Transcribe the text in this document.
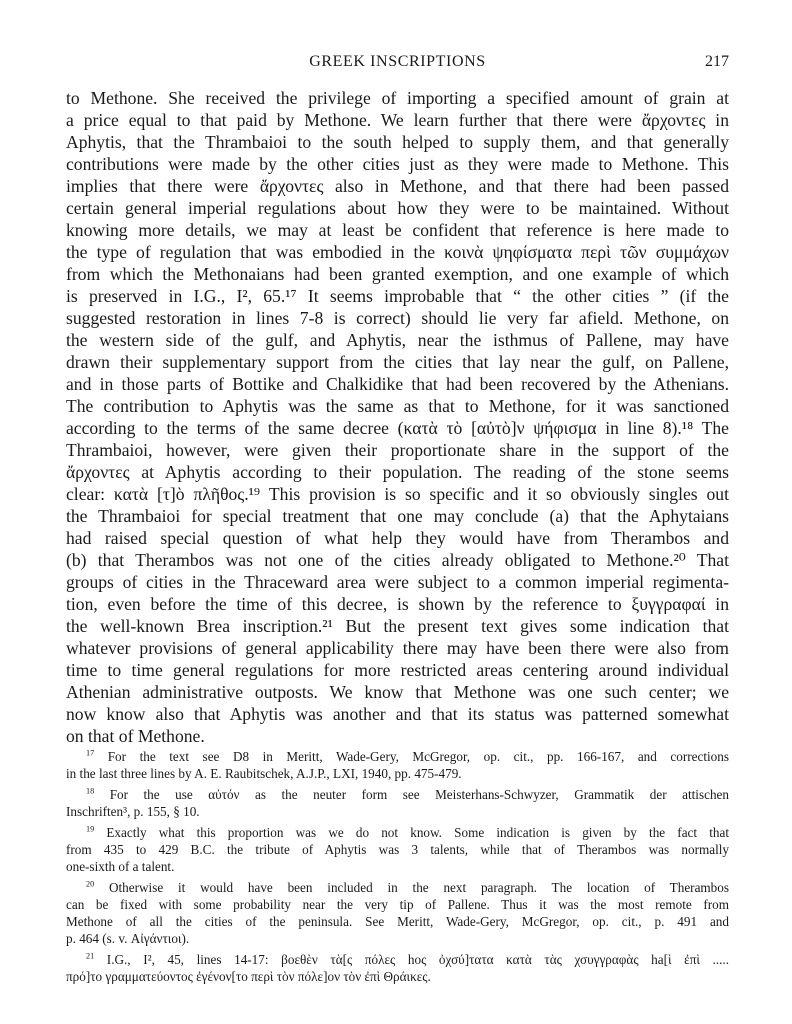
GREEK INSCRIPTIONS	217
to Methone. She received the privilege of importing a specified amount of grain at
a price equal to that paid by Methone. We learn further that there were ἄρχοντες in
Aphytis, that the Thrambaioi to the south helped to supply them, and that generally
contributions were made by the other cities just as they were made to Methone. This
implies that there were ἄρχοντες also in Methone, and that there had been passed
certain general imperial regulations about how they were to be maintained. Without
knowing more details, we may at least be confident that reference is here made to
the type of regulation that was embodied in the κοινὰ ψηφίσματα περὶ τῶν συμμάχων
from which the Methonaians had been granted exemption, and one example of which
is preserved in I.G., I², 65.¹⁷ It seems improbable that “ the other cities ” (if the
suggested restoration in lines 7-8 is correct) should lie very far afield. Methone, on
the western side of the gulf, and Aphytis, near the isthmus of Pallene, may have
drawn their supplementary support from the cities that lay near the gulf, on Pallene,
and in those parts of Bottike and Chalkidike that had been recovered by the Athenians.
The contribution to Aphytis was the same as that to Methone, for it was sanctioned
according to the terms of the same decree (κατὰ τὸ [αὐτὸ]ν ψήφισμα in line 8).¹⁸ The
Thrambaioi, however, were given their proportionate share in the support of the
ἄρχοντες at Aphytis according to their population. The reading of the stone seems
clear: κατὰ [τ]ὸ πλῆθος.¹⁹ This provision is so specific and it so obviously singles out
the Thrambaioi for special treatment that one may conclude (a) that the Aphytaians
had raised special question of what help they would have from Therambos and
(b) that Therambos was not one of the cities already obligated to Methone.²⁰ That
groups of cities in the Thraceward area were subject to a common imperial regimenta-
tion, even before the time of this decree, is shown by the reference to ξυγγραφαί in
the well-known Brea inscription.²¹ But the present text gives some indication that
whatever provisions of general applicability there may have been there were also from
time to time general regulations for more restricted areas centering around individual
Athenian administrative outposts. We know that Methone was one such center; we
now know also that Aphytis was another and that its status was patterned somewhat
on that of Methone.
$^{17}$ For the text see D8 in Meritt, Wade-Gery, McGregor, op. cit., pp. 166-167, and corrections
in the last three lines by A. E. Raubitschek, A.J.P., LXI, 1940, pp. 475-479.
$^{18}$ For the use αὐτόν as the neuter form see Meisterhans-Schwyzer, Grammatik der attischen
Inschriften³, p. 155, § 10.
$^{19}$ Exactly what this proportion was we do not know. Some indication is given by the fact that
from 435 to 429 B.C. the tribute of Aphytis was 3 talents, while that of Therambos was normally
one-sixth of a talent.
$^{20}$ Otherwise it would have been included in the next paragraph. The location of Therambos
can be fixed with some probability near the very tip of Pallene. Thus it was the most remote from
Methone of all the cities of the peninsula. See Meritt, Wade-Gery, McGregor, op. cit., p. 491 and
p. 464 (s. v. Αἰγάντιοι).
$^{21}$ I.G., I², 45, lines 14-17: βοεθὲν τὰ[ς πόλες hος ὀχσύ]τατα κατὰ τὰς χσυγγραφὰς ha[ὶ ἐπὶ .....
πρό]το γραμματεύοντος ἐγένον[το περὶ τὸν πόλε]ον τὸν ἐπὶ Θράικες.
